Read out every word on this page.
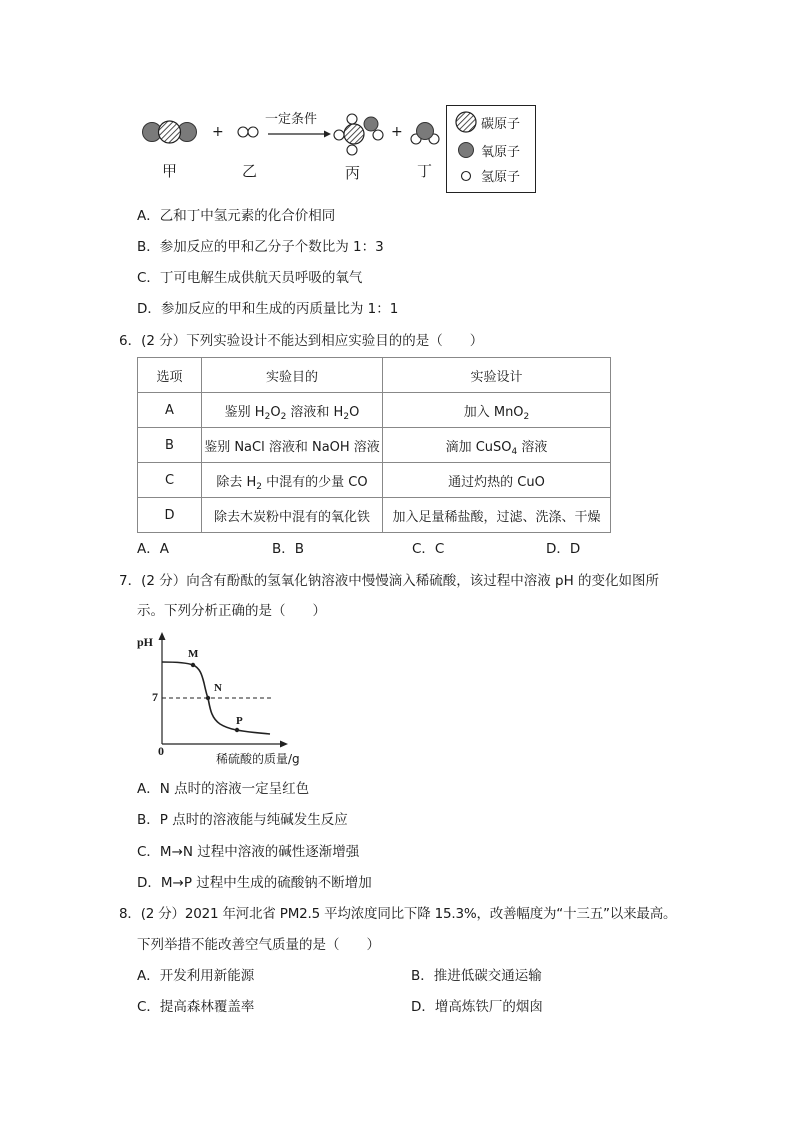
+	+
一定条件
甲	乙	丙	丁
碳原子
氧原子
氢原子
A．乙和丁中氢元素的化合价相同
B．参加反应的甲和乙分子个数比为 1：3
C．丁可电解生成供航天员呼吸的氧气
D．参加反应的甲和生成的丙质量比为 1：1
6．(2 分）下列实验设计不能达到相应实验目的的是（　　）
选项	实验目的	实验设计
A	鉴别 $H_2O_2$ 溶液和 $H_2O$	加入 MnO$_2$
B	鉴别 NaCl 溶液和 NaOH 溶液	滴加 CuSO$_4$ 溶液
C	除去 $H_2$ 中混有的少量 CO	通过灼热的 CuO
D	除去木炭粉中混有的氧化铁	加入足量稀盐酸，过滤、洗涤、干燥
A．A	B．B	C．C	D．D
7．(2 分）向含有酚酞的氢氧化钠溶液中慢慢滴入稀硫酸，该过程中溶液 pH 的变化如图所
示。下列分析正确的是（　　）
pH
7
0
M
N
P
稀硫酸的质量/g
A．N 点时的溶液一定呈红色
B．P 点时的溶液能与纯碱发生反应
C．M→N 过程中溶液的碱性逐渐增强
D．M→P 过程中生成的硫酸钠不断增加
8．(2 分）2021 年河北省 PM2.5 平均浓度同比下降 15.3%，改善幅度为“十三五”以来最高。
下列举措不能改善空气质量的是（　　）
A．开发利用新能源	B．推进低碳交通运输
C．提高森林覆盖率	D．增高炼铁厂的烟囱
